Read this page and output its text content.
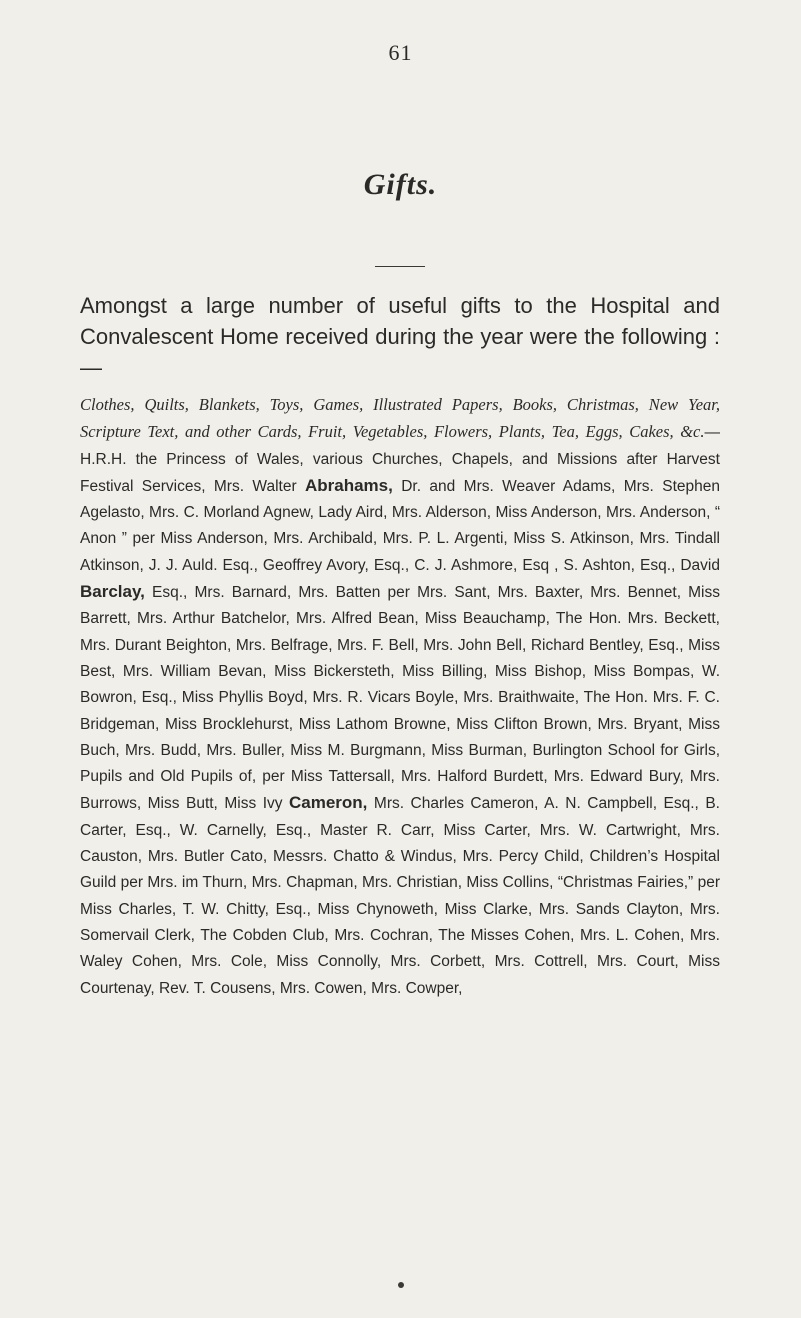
61
Gifts.

Amongst a large number of useful gifts to the Hospital and Convalescent Home received during the year were the following :—

Clothes, Quilts, Blankets, Toys, Games, Illustrated Papers, Books, Christmas, New Year, Scripture Text, and other Cards, Fruit, Vegetables, Flowers, Plants, Tea, Eggs, Cakes, &c.—H.R.H. the Princess of Wales, various Churches, Chapels, and Missions after Harvest Festival Services, Mrs. Walter Abrahams, Dr. and Mrs. Weaver Adams, Mrs. Stephen Agelasto, Mrs. C. Morland Agnew, Lady Aird, Mrs. Alderson, Miss Anderson, Mrs. Anderson, “ Anon ” per Miss Anderson, Mrs. Archibald, Mrs. P. L. Argenti, Miss S. Atkinson, Mrs. Tindall Atkinson, J. J. Auld. Esq., Geoffrey Avory, Esq., C. J. Ashmore, Esq , S. Ashton, Esq., David Barclay, Esq., Mrs. Barnard, Mrs. Batten per Mrs. Sant, Mrs. Baxter, Mrs. Bennet, Miss Barrett, Mrs. Arthur Batchelor, Mrs. Alfred Bean, Miss Beauchamp, The Hon. Mrs. Beckett, Mrs. Durant Beighton, Mrs. Belfrage, Mrs. F. Bell, Mrs. John Bell, Richard Bentley, Esq., Miss Best, Mrs. William Bevan, Miss Bickersteth, Miss Billing, Miss Bishop, Miss Bompas, W. Bowron, Esq., Miss Phyllis Boyd, Mrs. R. Vicars Boyle, Mrs. Braithwaite, The Hon. Mrs. F. C. Bridgeman, Miss Brocklehurst, Miss Lathom Browne, Miss Clifton Brown, Mrs. Bryant, Miss Buch, Mrs. Budd, Mrs. Buller, Miss M. Burgmann, Miss Burman, Burlington School for Girls, Pupils and Old Pupils of, per Miss Tattersall, Mrs. Halford Burdett, Mrs. Edward Bury, Mrs. Burrows, Miss Butt, Miss Ivy Cameron, Mrs. Charles Cameron, A. N. Campbell, Esq., B. Carter, Esq., W. Carnelly, Esq., Master R. Carr, Miss Carter, Mrs. W. Cartwright, Mrs. Causton, Mrs. Butler Cato, Messrs. Chatto & Windus, Mrs. Percy Child, Children’s Hospital Guild per Mrs. im Thurn, Mrs. Chapman, Mrs. Christian, Miss Collins, “Christmas Fairies,” per Miss Charles, T. W. Chitty, Esq., Miss Chynoweth, Miss Clarke, Mrs. Sands Clayton, Mrs. Somervail Clerk, The Cobden Club, Mrs. Cochran, The Misses Cohen, Mrs. L. Cohen, Mrs. Waley Cohen, Mrs. Cole, Miss Connolly, Mrs. Corbett, Mrs. Cottrell, Mrs. Court, Miss Courtenay, Rev. T. Cousens, Mrs. Cowen, Mrs. Cowper,
